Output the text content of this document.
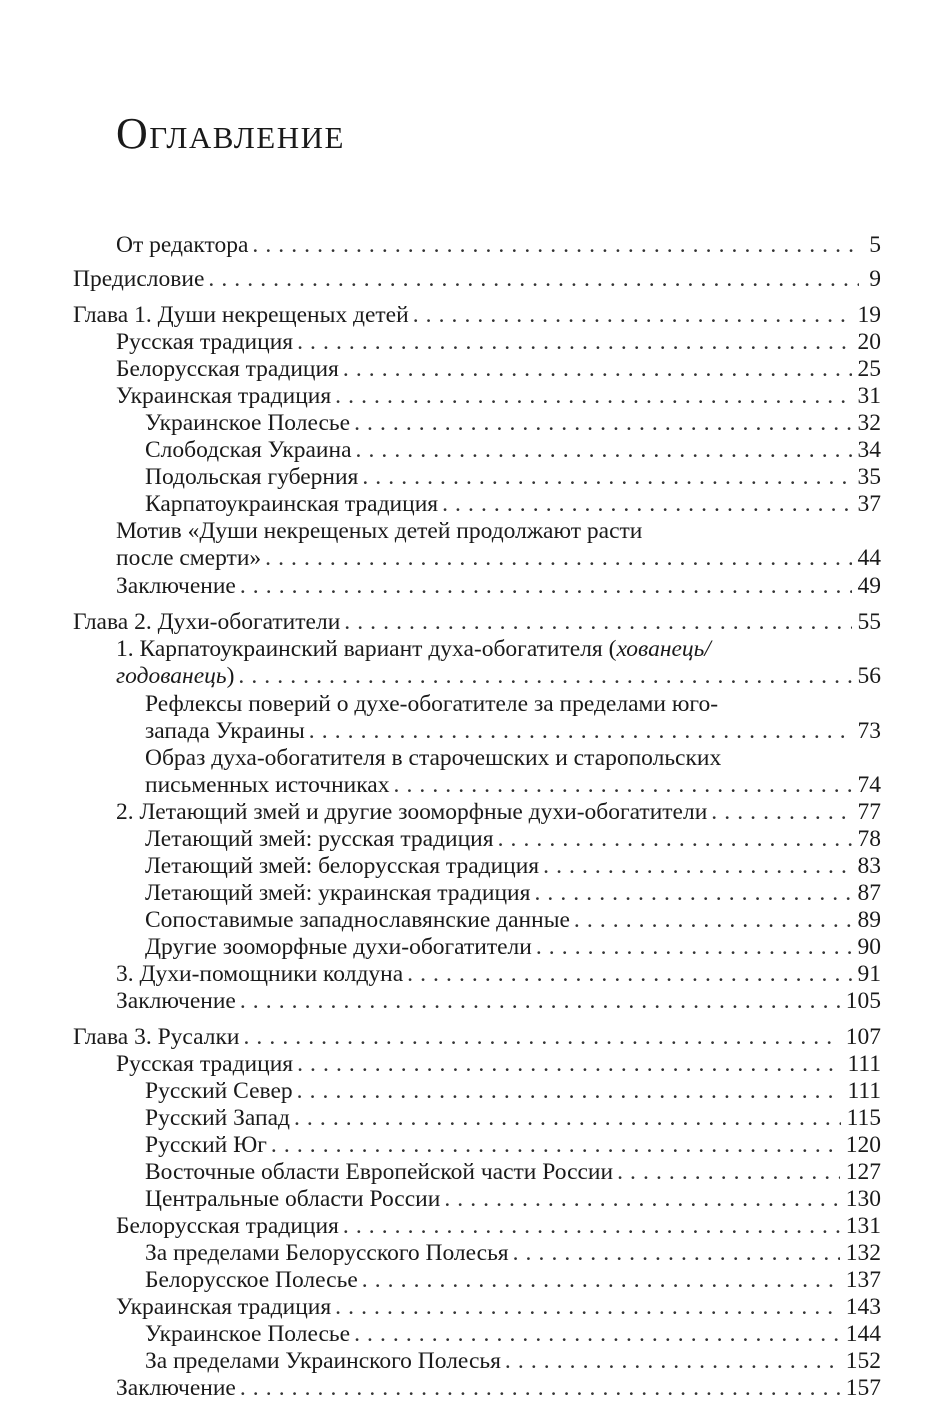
Оглавление
От редактора . . .	5
Предисловие . . .	9
Глава 1. Души некрещеных детей . . .	19
Русская традиция . . .	20
Белорусская традиция . . .	25
Украинская традиция . . .	31
Украинское Полесье . . .	32
Слободская Украина . . .	34
Подольская губерния . . .	35
Карпатоукраинская традиция . . .	37
Мотив «Души некрещеных детей продолжают расти
после смерти» . . .	44
Заключение . . .	49
Глава 2. Духи-обогатители . . .	55
1. Карпатоукраинский вариант духа-обогатителя (хованець/
годованець) . . .	56
Рефлексы поверий о духе-обогатителе за пределами юго-
запада Украины . . .	73
Образ духа-обогатителя в старочешских и старопольских
письменных источниках . . .	74
2. Летающий змей и другие зооморфные духи-обогатители . . .	77
Летающий змей: русская традиция . . .	78
Летающий змей: белорусская традиция . . .	83
Летающий змей: украинская традиция . . .	87
Сопоставимые западнославянские данные . . .	89
Другие зооморфные духи-обогатители . . .	90
3. Духи-помощники колдуна . . .	91
Заключение . . .	105
Глава 3. Русалки . . .	107
Русская традиция . . .	111
Русский Север . . .	111
Русский Запад . . .	115
Русский Юг . . .	120
Восточные области Европейской части России . . .	127
Центральные области России . . .	130
Белорусская традиция . . .	131
За пределами Белорусского Полесья . . .	132
Белорусское Полесье . . .	137
Украинская традиция . . .	143
Украинское Полесье . . .	144
За пределами Украинского Полесья . . .	152
Заключение . . .	157
